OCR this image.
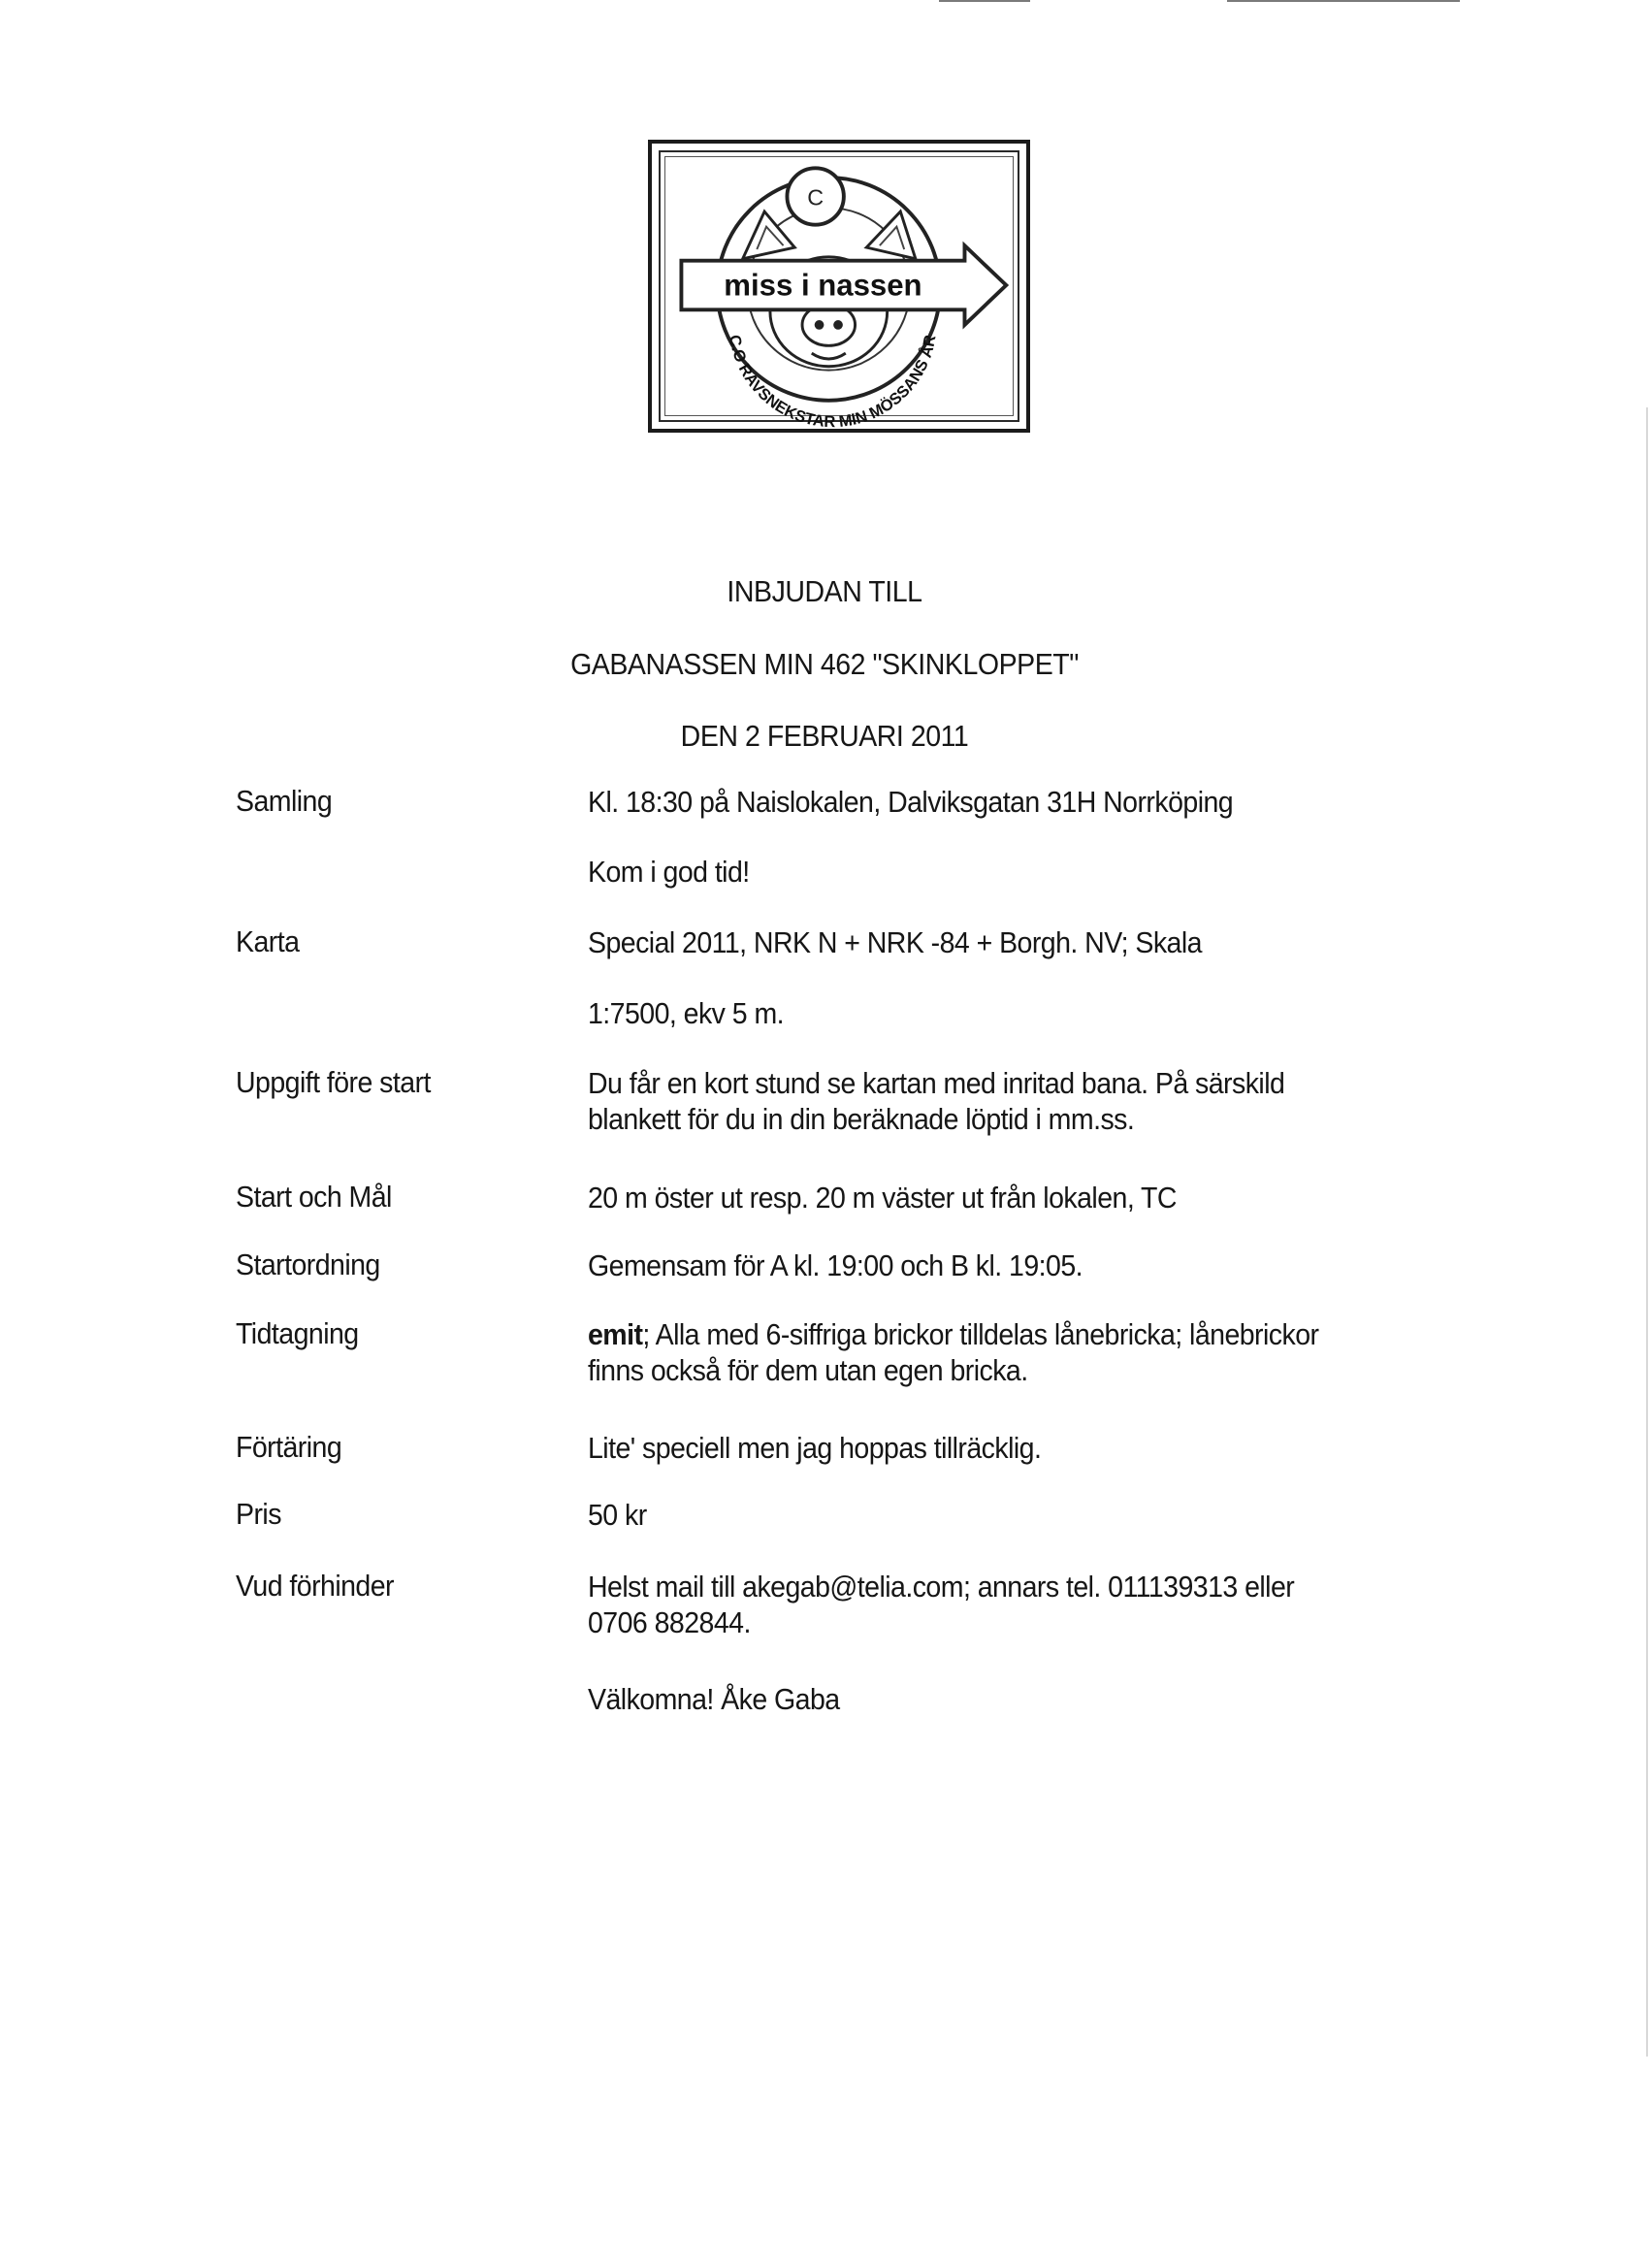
C
miss i nassen
C.O RAVSNEKSTAR MIN MÖSSANS ÅR
INBJUDAN TILL
GABANASSEN MIN 462 "SKINKLOPPET"
DEN 2 FEBRUARI 2011
Samling	Kl. 18:30 på Naislokalen, Dalviksgatan 31H Norrköping
Kom i god tid!
Karta	Special 2011, NRK N + NRK -84 + Borgh. NV; Skala
1:7500, ekv 5 m.
Uppgift före start	Du får en kort stund se kartan med inritad bana. På särskild
blankett för du in din beräknade löptid i mm.ss.
Start och Mål	20 m öster ut resp. 20 m väster ut från lokalen, TC
Startordning	Gemensam för A kl. 19:00 och B kl. 19:05.
Tidtagning	emit; Alla med 6-siffriga brickor tilldelas lånebricka; lånebrickor
finns också för dem utan egen bricka.
Förtäring	Lite' speciell men jag hoppas tillräcklig.
Pris	50 kr
Vud förhinder	Helst mail till akegab@telia.com; annars tel. 011139313 eller
0706 882844.
Välkomna! Åke Gaba
